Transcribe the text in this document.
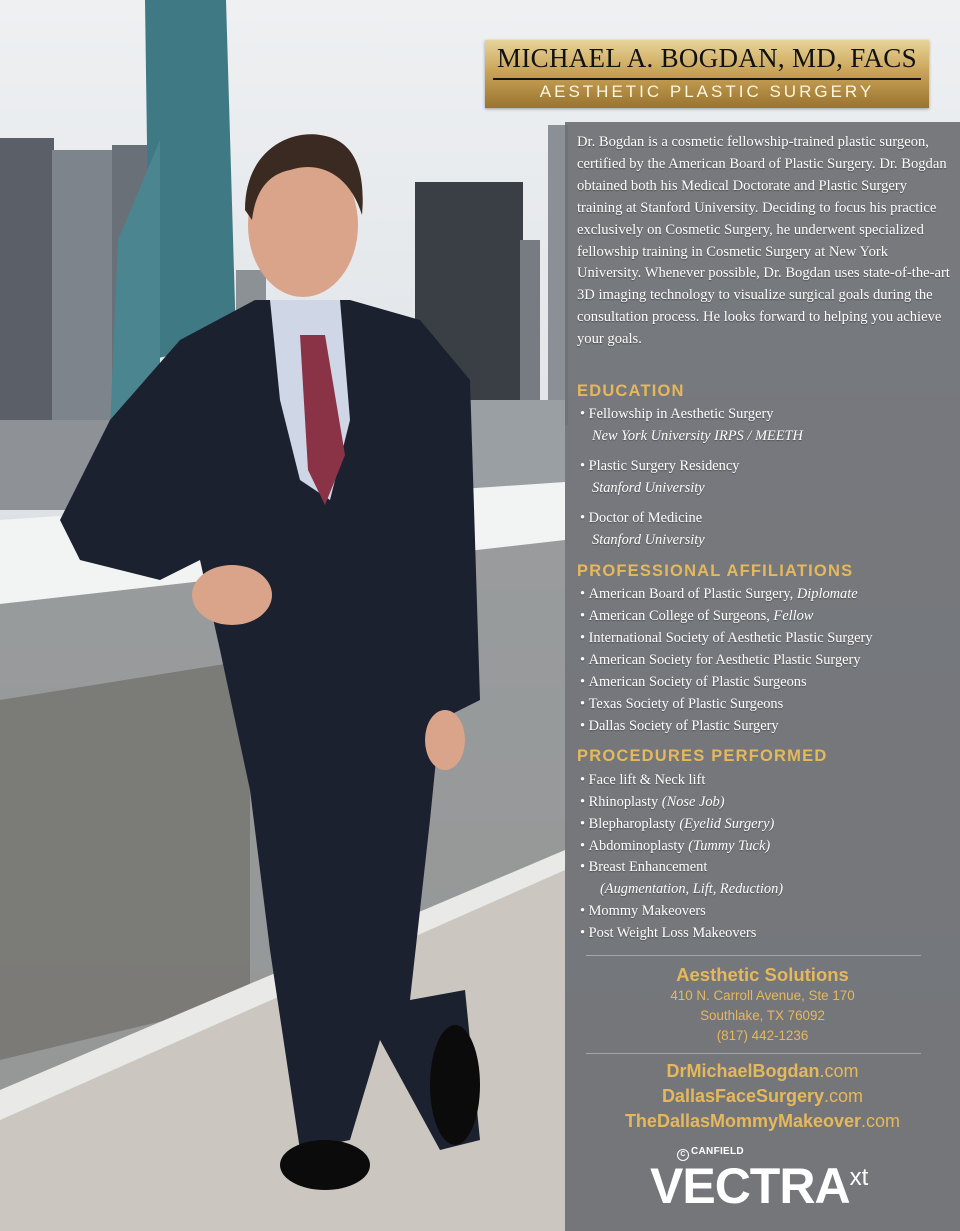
MICHAEL A. BOGDAN, MD, FACS
AESTHETIC PLASTIC SURGERY
Dr. Bogdan is a cosmetic fellowship-trained plastic surgeon, certified by the American Board of Plastic Surgery. Dr. Bogdan obtained both his Medical Doctorate and Plastic Surgery training at Stanford University. Deciding to focus his practice exclusively on Cosmetic Surgery, he underwent specialized fellowship training in Cosmetic Surgery at New York University. Whenever possible, Dr. Bogdan uses state-of-the-art 3D imaging technology to visualize surgical goals during the consultation process. He looks forward to helping you achieve your goals.
EDUCATION
• Fellowship in Aesthetic Surgery
New York University IRPS / MEETH
• Plastic Surgery Residency
Stanford University
• Doctor of Medicine
Stanford University
PROFESSIONAL AFFILIATIONS
• American Board of Plastic Surgery, Diplomate
• American College of Surgeons, Fellow
• International Society of Aesthetic Plastic Surgery
• American Society for Aesthetic Plastic Surgery
• American Society of Plastic Surgeons
• Texas Society of Plastic Surgeons
• Dallas Society of Plastic Surgery
PROCEDURES PERFORMED
• Face lift & Neck lift
• Rhinoplasty (Nose Job)
• Blepharoplasty (Eyelid Surgery)
• Abdominoplasty (Tummy Tuck)
• Breast Enhancement
(Augmentation, Lift, Reduction)
• Mommy Makeovers
• Post Weight Loss Makeovers
Aesthetic Solutions
410 N. Carroll Avenue, Ste 170
Southlake, TX 76092
(817) 442-1236
DrMichaelBogdan.com
DallasFaceSurgery.com
TheDallasMommyMakeover.com
C CANFIELD
$VECTRA^{xt}$
